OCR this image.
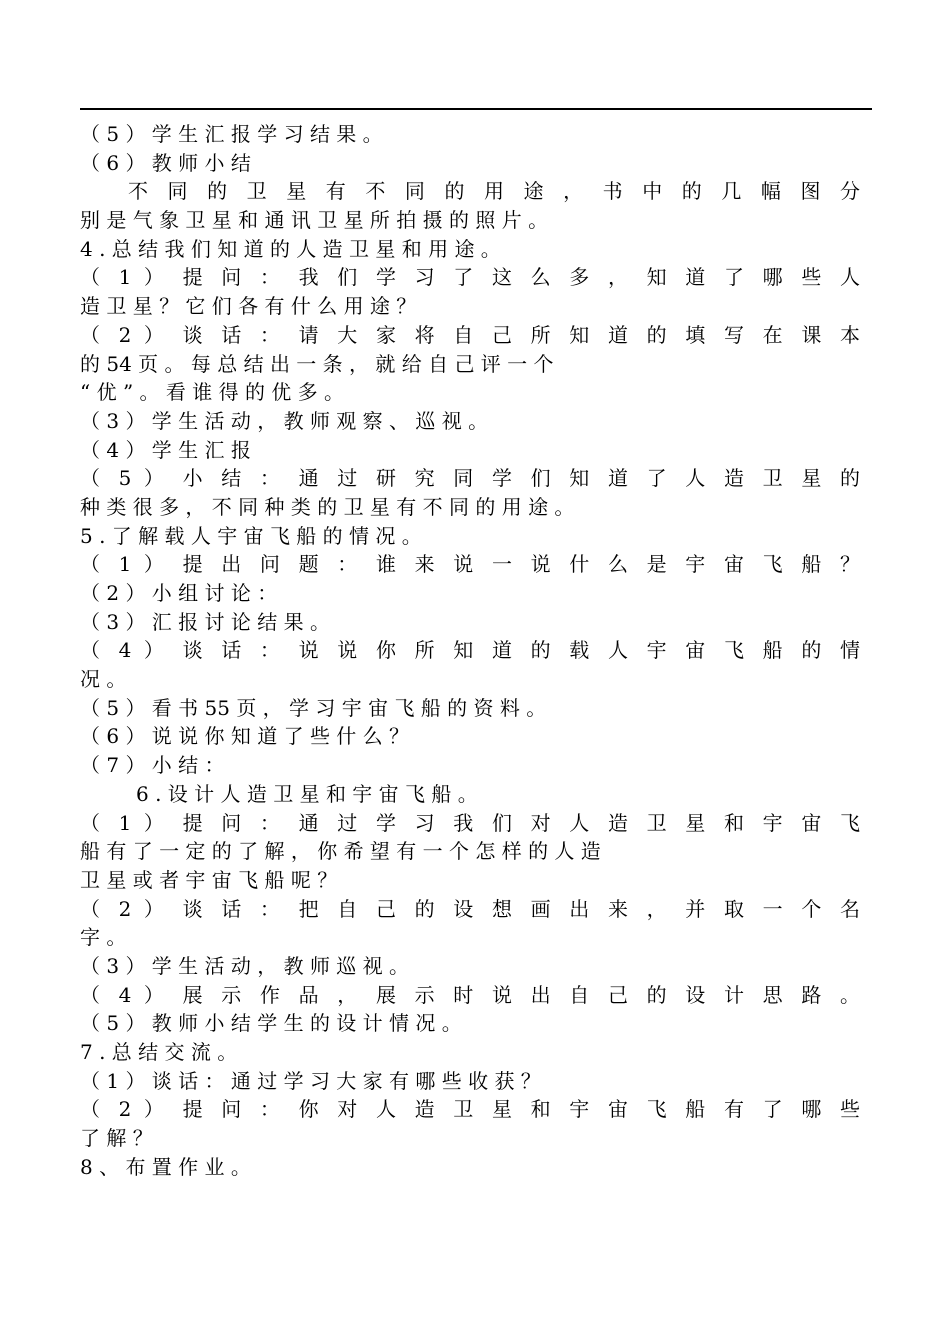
（ 5 ） 学 生 汇 报 学 习 结 果 。
（ 6 ） 教 师 小 结
不 同 的 卫 星 有 不 同 的 用 途 ， 书 中 的 几 幅 图 分
别 是 气 象 卫 星 和 通 讯 卫 星 所 拍 摄 的 照 片 。
4 . 总 结 我 们 知 道 的 人 造 卫 星 和 用 途 。
（ 1 ） 提 问 ： 我 们 学 习 了 这 么 多 ， 知 道 了 哪 些 人
造 卫 星 ？ 它 们 各 有 什 么 用 途 ？
（ 2 ） 谈 话 ： 请 大 家 将 自 己 所 知 道 的 填 写 在 课 本
的 54 页 。 每 总 结 出 一 条 ， 就 给 自 己 评 一 个
“ 优 ” 。 看 谁 得 的 优 多 。
（ 3 ） 学 生 活 动 ， 教 师 观 察 、 巡 视 。
（ 4 ） 学 生 汇 报
（ 5 ） 小 结 ： 通 过 研 究 同 学 们 知 道 了 人 造 卫 星 的
种 类 很 多 ， 不 同 种 类 的 卫 星 有 不 同 的 用 途 。
5 . 了 解 载 人 宇 宙 飞 船 的 情 况 。
（ 1 ） 提 出 问 题 ： 谁 来 说 一 说 什 么 是 宇 宙 飞 船 ？
（ 2 ） 小 组 讨 论 ：
（ 3 ） 汇 报 讨 论 结 果 。
（ 4 ） 谈 话 ： 说 说 你 所 知 道 的 载 人 宇 宙 飞 船 的 情
况 。
（ 5 ） 看 书 55 页 ， 学 习 宇 宙 飞 船 的 资 料 。
（ 6 ） 说 说 你 知 道 了 些 什 么 ？
（ 7 ） 小 结 ：
6 . 设 计 人 造 卫 星 和 宇 宙 飞 船 。
（ 1 ） 提 问 ： 通 过 学 习 我 们 对 人 造 卫 星 和 宇 宙 飞
船 有 了 一 定 的 了 解 ， 你 希 望 有 一 个 怎 样 的 人 造
卫 星 或 者 宇 宙 飞 船 呢 ？
（ 2 ） 谈 话 ： 把 自 己 的 设 想 画 出 来 ， 并 取 一 个 名
字 。
（ 3 ） 学 生 活 动 ， 教 师 巡 视 。
（ 4 ） 展 示 作 品 ， 展 示 时 说 出 自 己 的 设 计 思 路 。
（ 5 ） 教 师 小 结 学 生 的 设 计 情 况 。
7 . 总 结 交 流 。
（ 1 ） 谈 话 ： 通 过 学 习 大 家 有 哪 些 收 获 ？
（ 2 ） 提 问 ： 你 对 人 造 卫 星 和 宇 宙 飞 船 有 了 哪 些
了 解 ？
8 、 布 置 作 业 。
